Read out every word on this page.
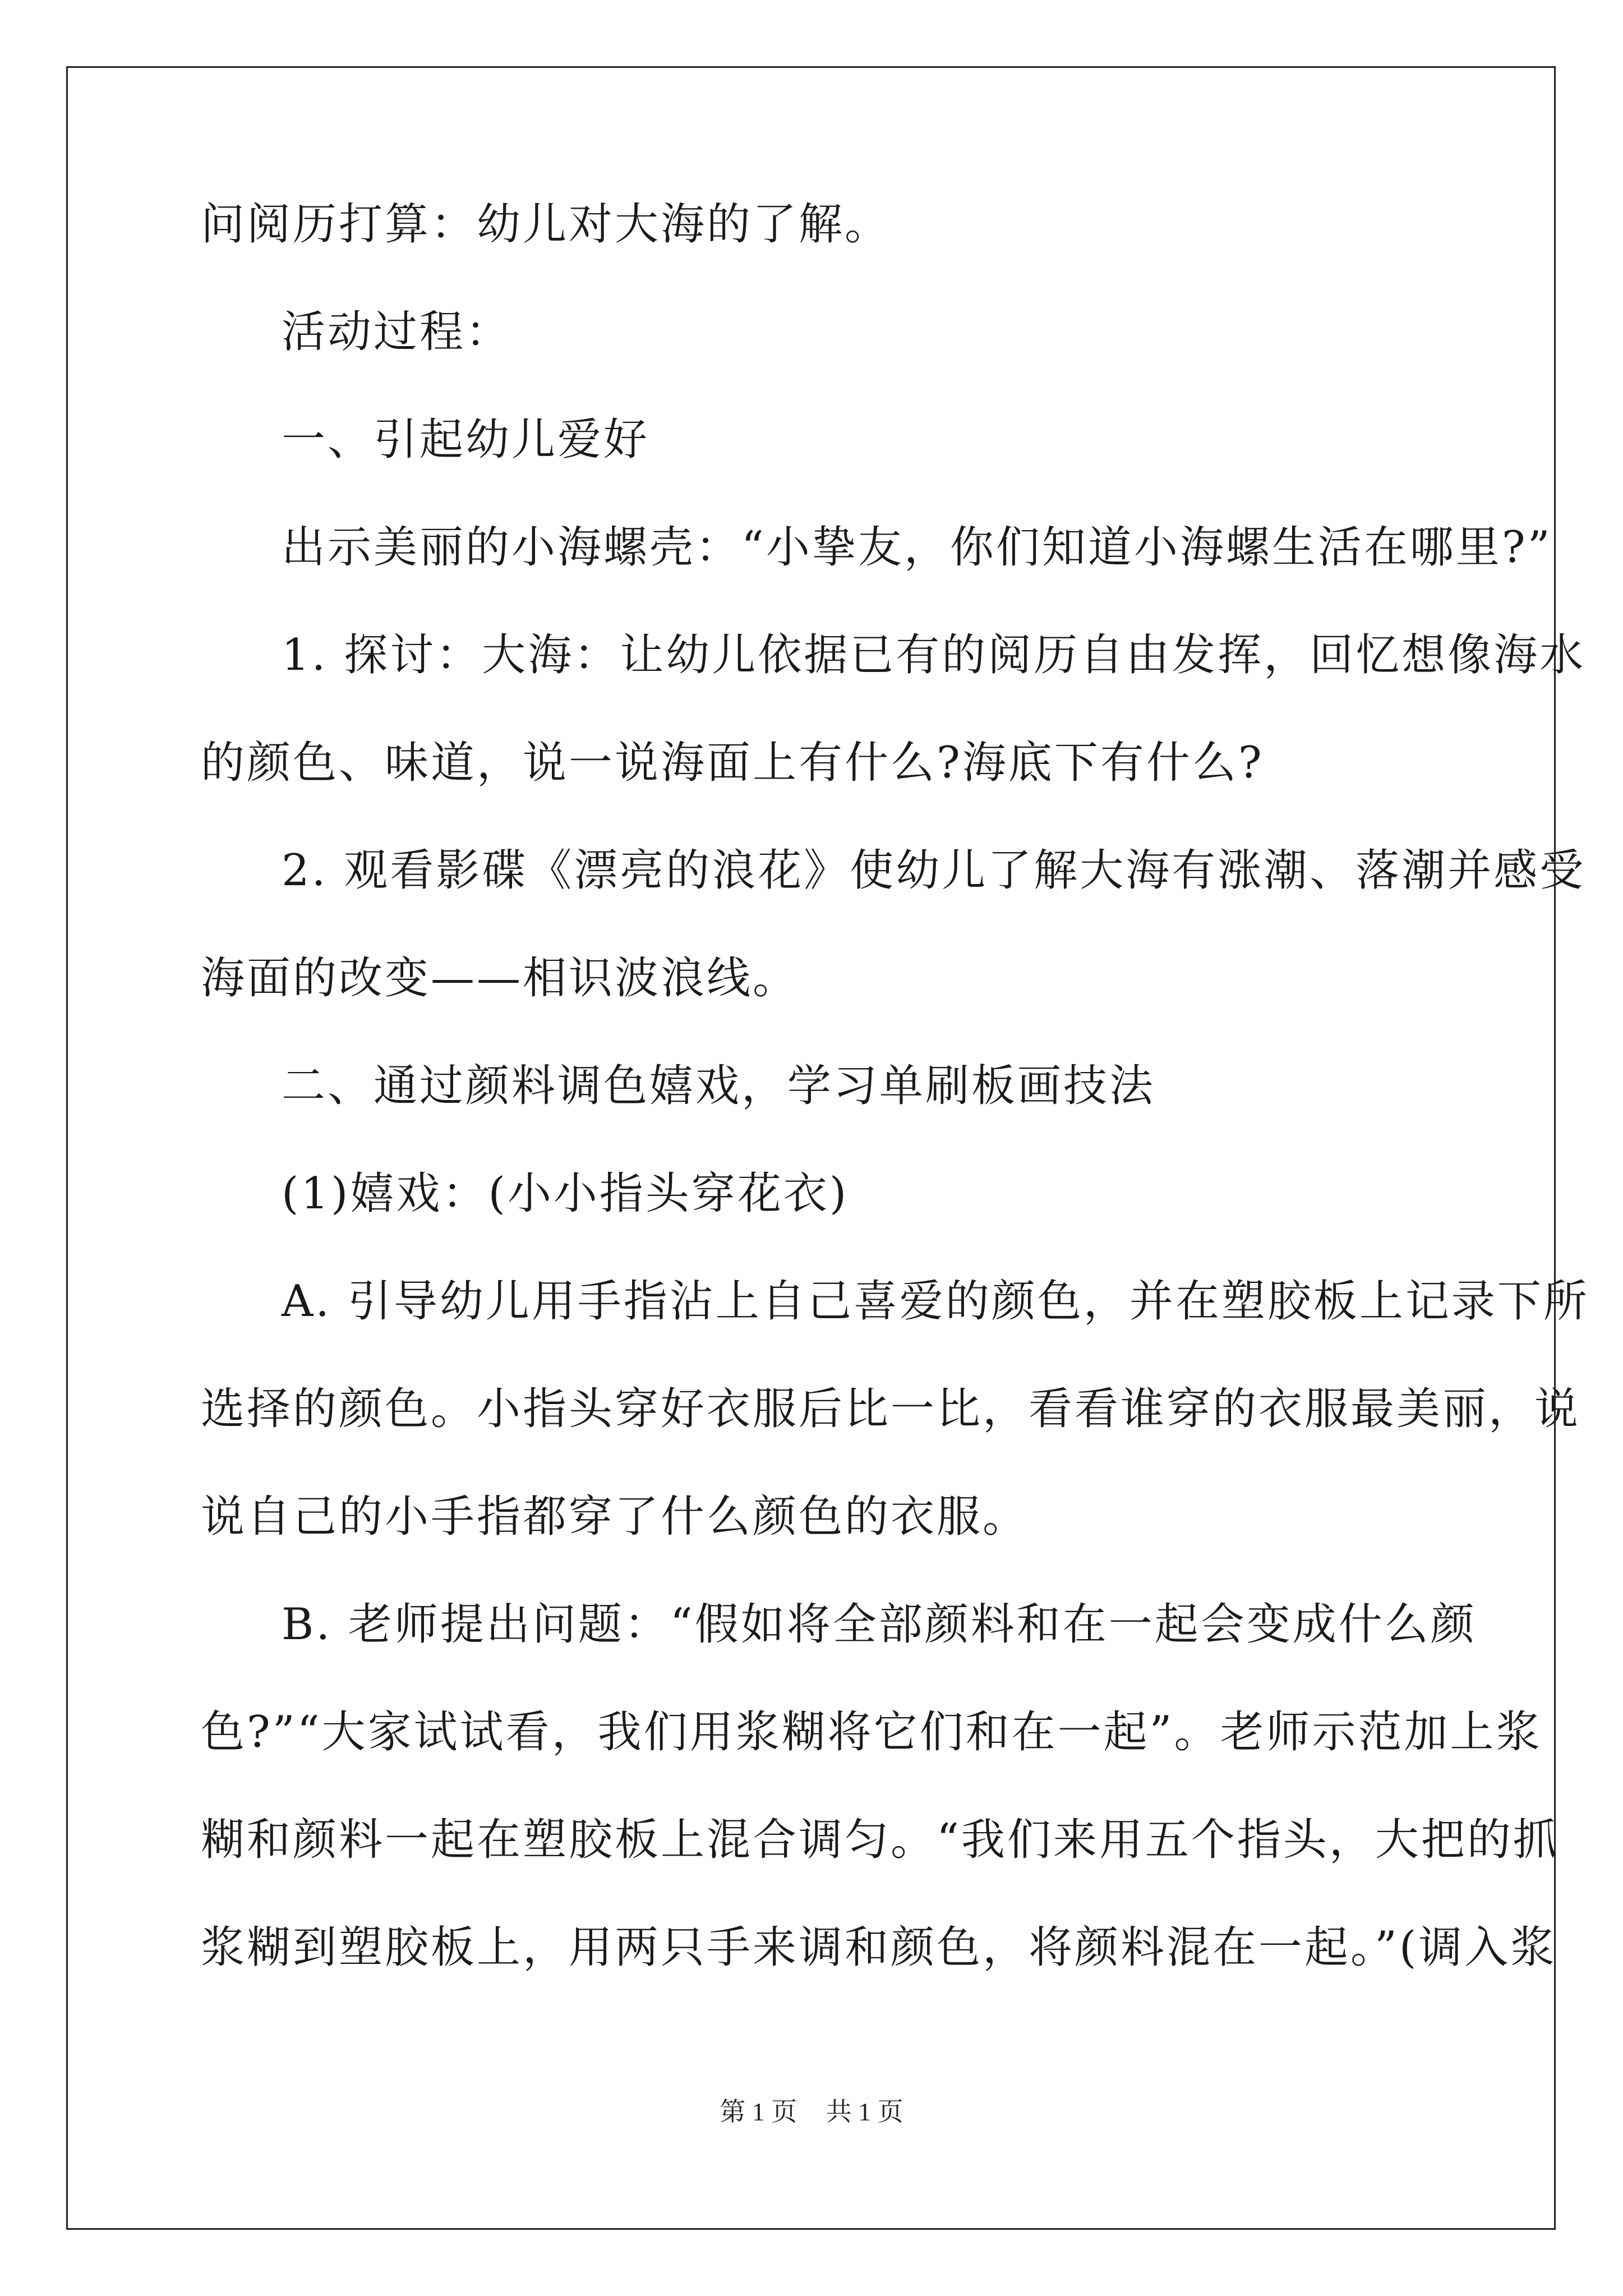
问阅历打算：幼儿对大海的了解。
活动过程：
一、引起幼儿爱好
出示美丽的小海螺壳：“小挚友，你们知道小海螺生活在哪里?”
1. 探讨：大海：让幼儿依据已有的阅历自由发挥，回忆想像海水
的颜色、味道，说一说海面上有什么?海底下有什么?
2. 观看影碟《漂亮的浪花》使幼儿了解大海有涨潮、落潮并感受
海面的改变——相识波浪线。
二、通过颜料调色嬉戏，学习单刷板画技法
(1)嬉戏：(小小指头穿花衣)
A. 引导幼儿用手指沾上自己喜爱的颜色，并在塑胶板上记录下所
选择的颜色。小指头穿好衣服后比一比，看看谁穿的衣服最美丽，说
说自己的小手指都穿了什么颜色的衣服。
B. 老师提出问题：“假如将全部颜料和在一起会变成什么颜
色?”“大家试试看，我们用浆糊将它们和在一起”。老师示范加上浆
糊和颜料一起在塑胶板上混合调匀。“我们来用五个指头，大把的抓
浆糊到塑胶板上，用两只手来调和颜色，将颜料混在一起。”(调入浆
第 1 页 共 1 页
